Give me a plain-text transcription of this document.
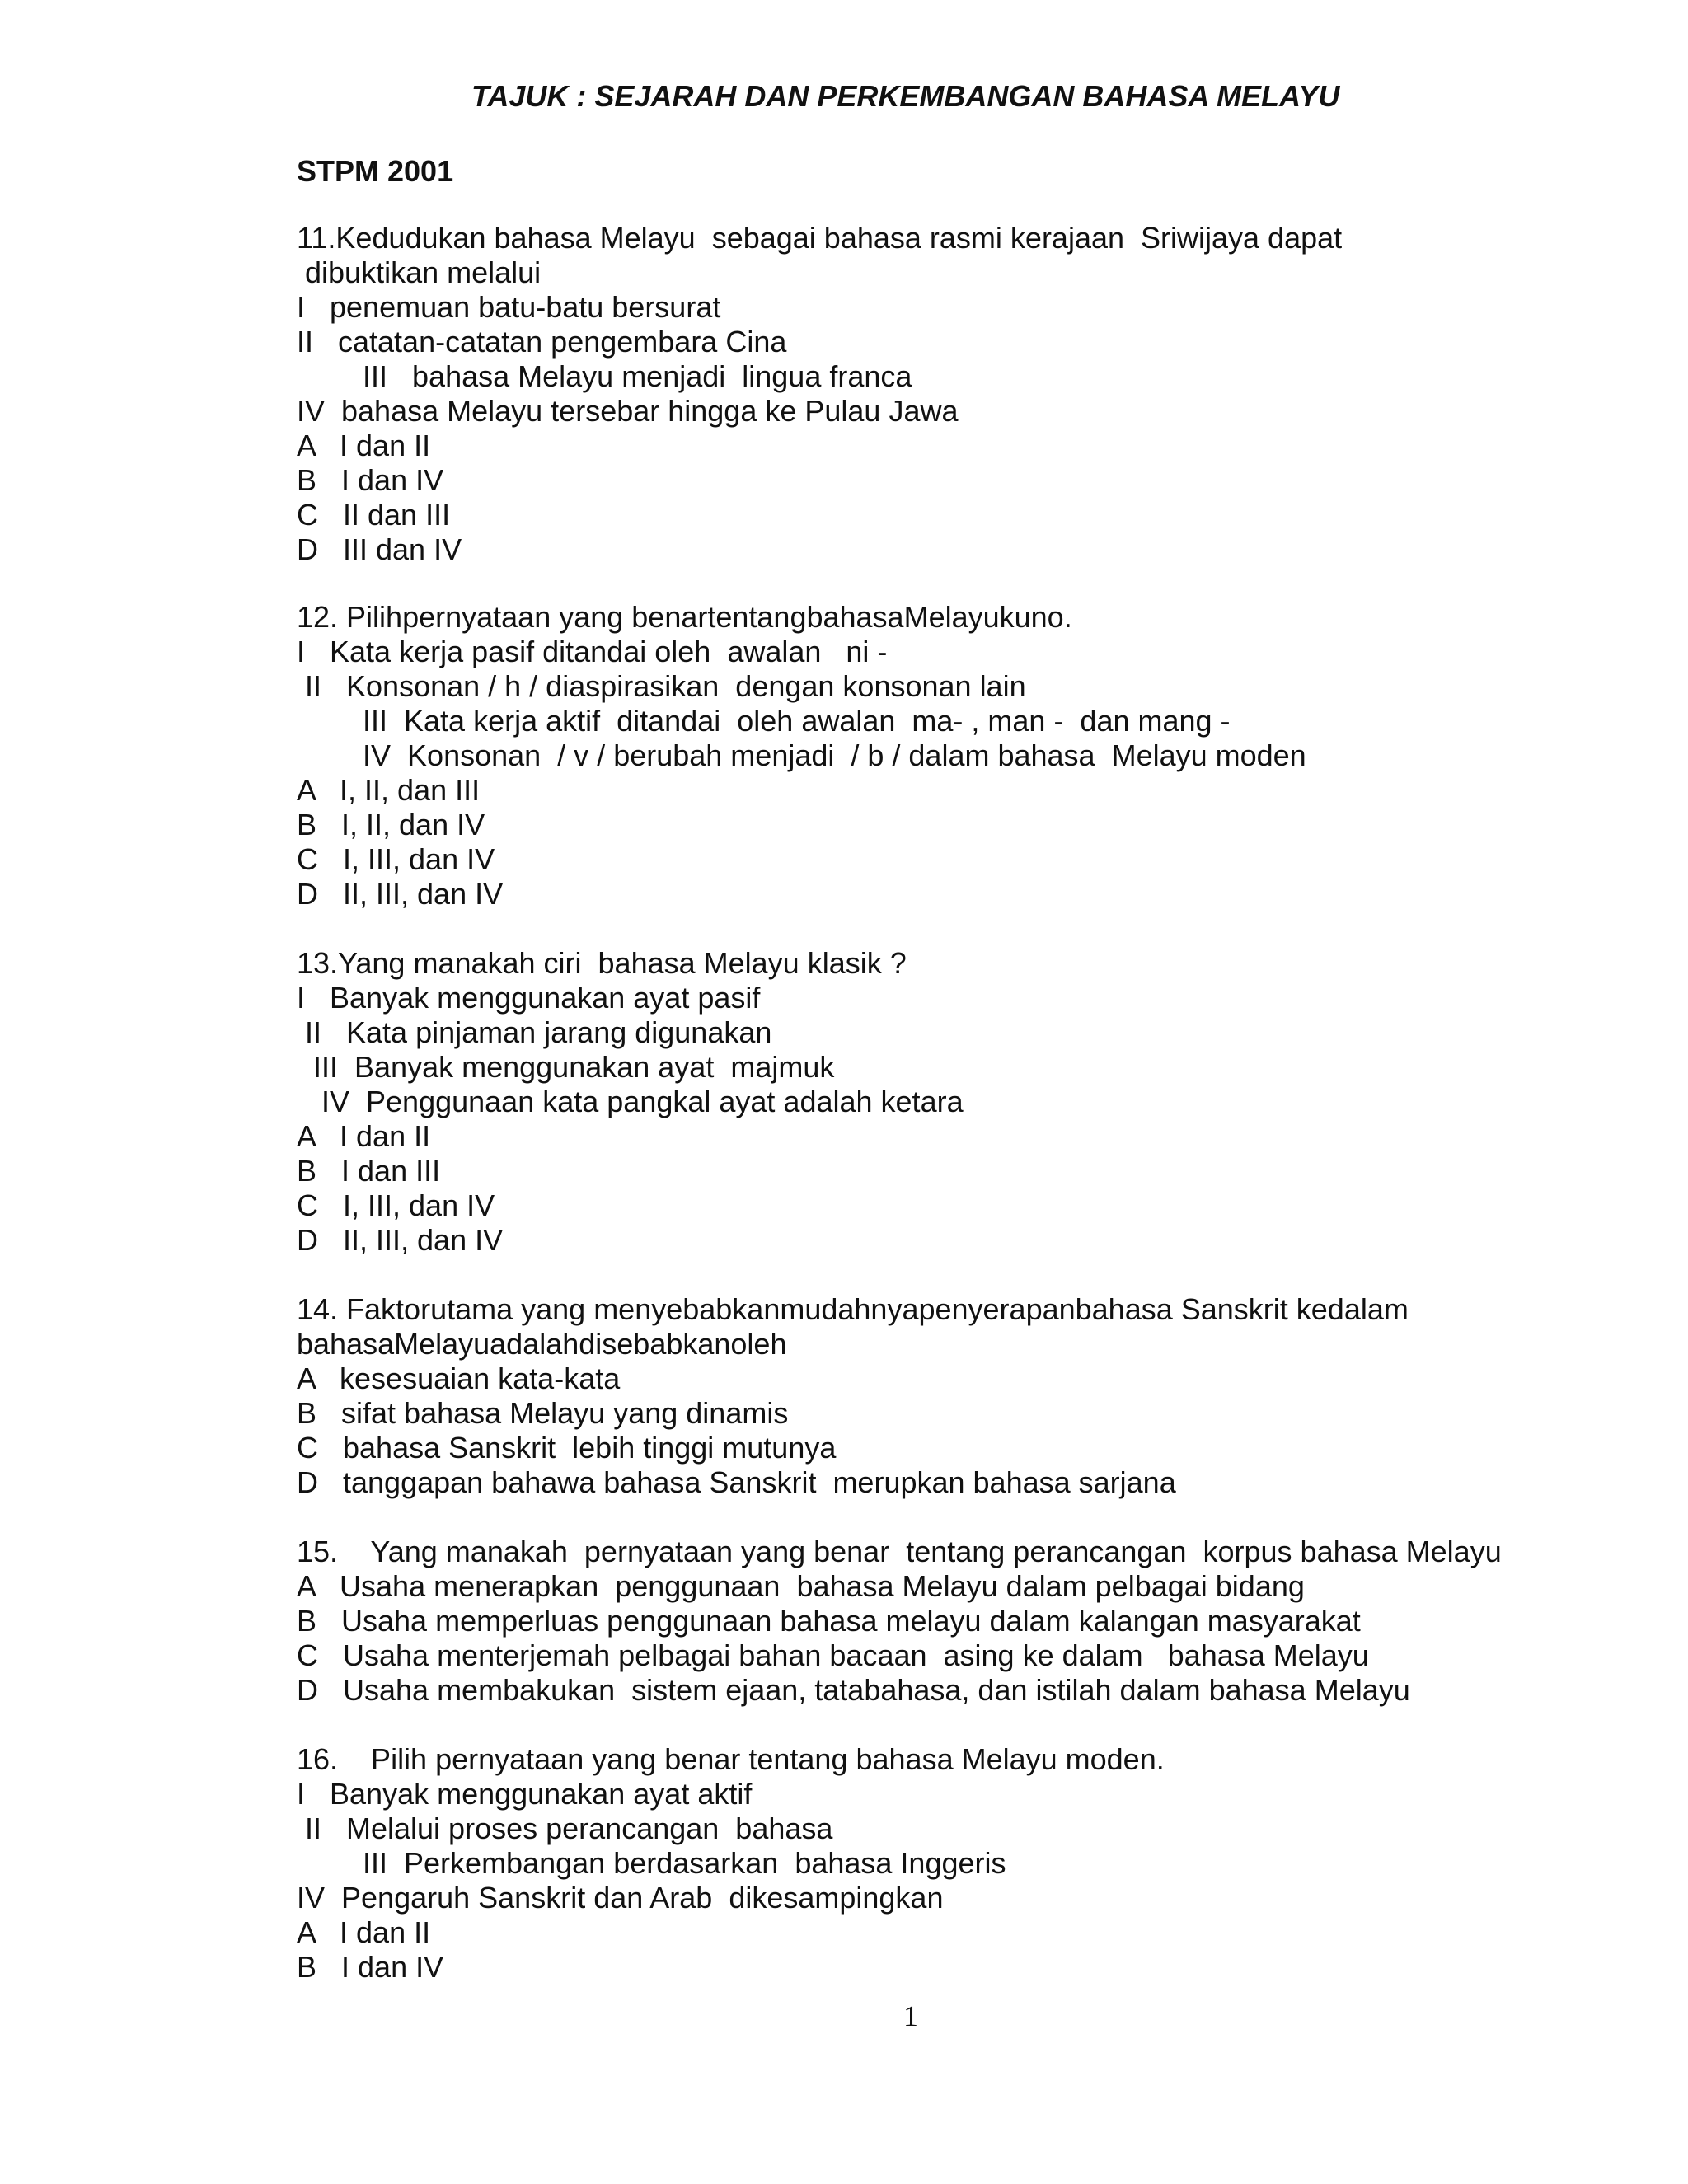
TAJUK : SEJARAH DAN PERKEMBANGAN BAHASA MELAYU
STPM 2001
11.Kedudukan bahasa Melayu  sebagai bahasa rasmi kerajaan  Sriwijaya dapat
dibuktikan melalui
I   penemuan batu-batu bersurat
II   catatan-catatan pengembara Cina
III   bahasa Melayu menjadi  lingua franca
IV  bahasa Melayu tersebar hingga ke Pulau Jawa
A   I dan II
B   I dan IV
C   II dan III
D   III dan IV
12. Pilihpernyataan yang benartentangbahasaMelayukuno.
I   Kata kerja pasif ditandai oleh  awalan   ni -
II   Konsonan / h / diaspirasikan  dengan konsonan lain
III  Kata kerja aktif  ditandai  oleh awalan  ma- , man -  dan mang -
IV  Konsonan  / v / berubah menjadi  / b / dalam bahasa  Melayu moden
A   I, II, dan III
B   I, II, dan IV
C   I, III, dan IV
D   II, III, dan IV
13.Yang manakah ciri  bahasa Melayu klasik ?
I   Banyak menggunakan ayat pasif
II   Kata pinjaman jarang digunakan
III  Banyak menggunakan ayat  majmuk
IV  Penggunaan kata pangkal ayat adalah ketara
A   I dan II
B   I dan III
C   I, III, dan IV
D   II, III, dan IV
14. Faktorutama yang menyebabkanmudahnyapenyerapanbahasa Sanskrit kedalam
bahasaMelayuadalahdisebabkanoleh
A   kesesuaian kata-kata
B   sifat bahasa Melayu yang dinamis
C   bahasa Sanskrit  lebih tinggi mutunya
D   tanggapan bahawa bahasa Sanskrit  merupkan bahasa sarjana
15.    Yang manakah  pernyataan yang benar  tentang perancangan  korpus bahasa Melayu
A   Usaha menerapkan  penggunaan  bahasa Melayu dalam pelbagai bidang
B   Usaha memperluas penggunaan bahasa melayu dalam kalangan masyarakat
C   Usaha menterjemah pelbagai bahan bacaan  asing ke dalam   bahasa Melayu
D   Usaha membakukan  sistem ejaan, tatabahasa, dan istilah dalam bahasa Melayu
16.    Pilih pernyataan yang benar tentang bahasa Melayu moden.
I   Banyak menggunakan ayat aktif
II   Melalui proses perancangan  bahasa
III  Perkembangan berdasarkan  bahasa Inggeris
IV  Pengaruh Sanskrit dan Arab  dikesampingkan
A   I dan II
B   I dan IV
1
